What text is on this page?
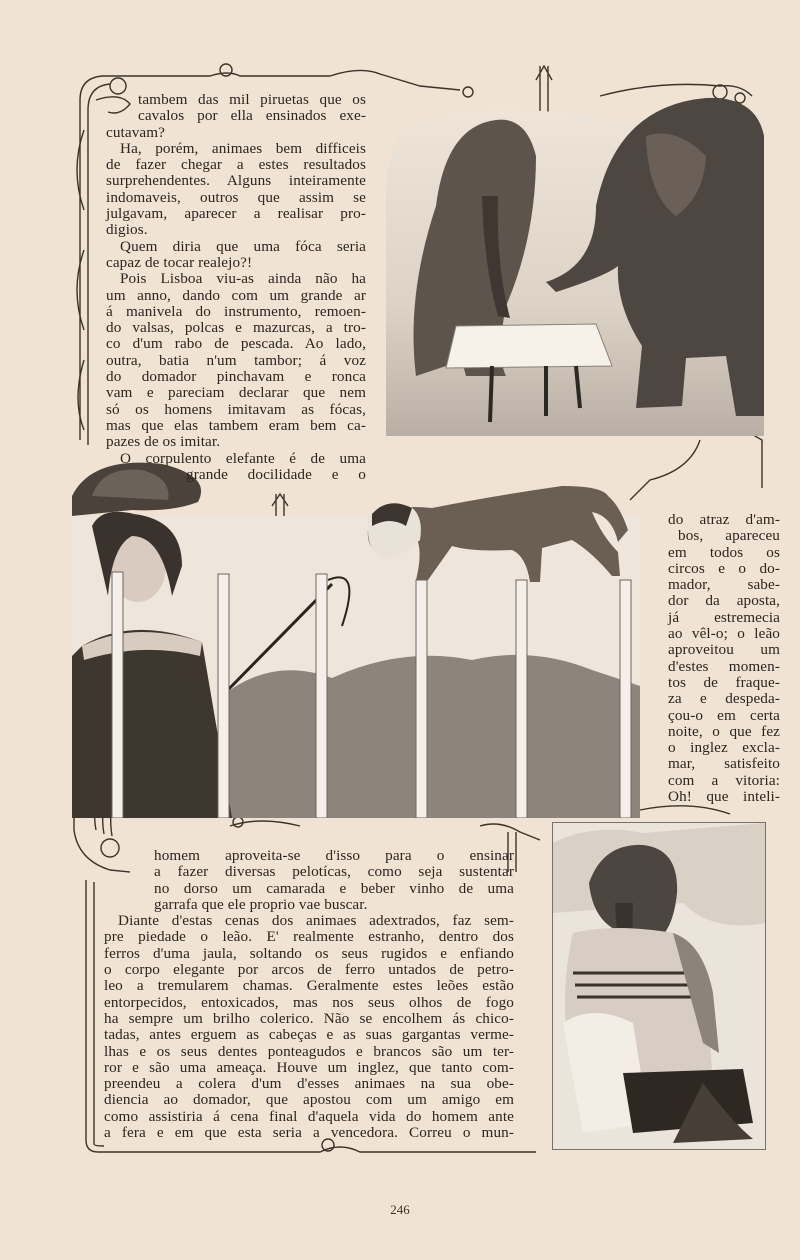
tambem das mil piruetas que os
cavalos por ella ensinados exe-
cutavam?
Ha, porém, animaes bem difficeis
de fazer chegar a estes resultados
surprehendentes. Alguns inteiramente
indomaveis, outros que assim se
julgavam, aparecer a realisar pro-
digios.
Quem diria que uma fóca seria
capaz de tocar realejo?!
Pois Lisboa viu-as ainda não ha
um anno, dando com um grande ar
á manivela do instrumento, remoen-
do valsas, polcas e mazurcas, a tro-
co d'um rabo de pescada. Ao lado,
outra, batia n'um tambor; á voz
do domador pinchavam e ronca
vam e pareciam declarar que nem
só os homens imitavam as fócas,
mas que elas tambem eram bem ca-
pazes de os imitar.
O corpulento elefante é de uma
grande docilidade e o
do atraz d'am-
bos, apareceu
em todos os
circos e o do-
mador, sabe-
dor da aposta,
já estremecia
ao vêl-o; o leão
aproveitou um
d'estes momen-
tos de fraque-
za e despeda-
çou-o em certa
noite, o que fez
o inglez excla-
mar, satisfeito
com a vitoria:
Oh! que inteli-
homem aproveita-se d'isso para o ensinar
a fazer diversas pelotícas, como seja sustentar
no dorso um camarada e beber vinho de uma
garrafa que ele proprio vae buscar.
Diante d'estas cenas dos animaes adextrados, faz sem-
pre piedade o leão. E' realmente estranho, dentro dos
ferros d'uma jaula, soltando os seus rugidos e enfiando
o corpo elegante por arcos de ferro untados de petro-
leo a tremularem chamas. Geralmente estes leões estão
entorpecidos, entoxicados, mas nos seus olhos de fogo
ha sempre um brilho colerico. Não se encolhem ás chico-
tadas, antes erguem as cabeças e as suas gargantas verme-
lhas e os seus dentes ponteagudos e brancos são um ter-
ror e são uma ameaça. Houve um inglez, que tanto com-
preendeu a colera d'um d'esses animaes na sua obe-
diencia ao domador, que apostou com um amigo em
como assistiria á cena final d'aquela vida do homem ante
a fera e em que esta seria a vencedora. Correu o mun-
246
